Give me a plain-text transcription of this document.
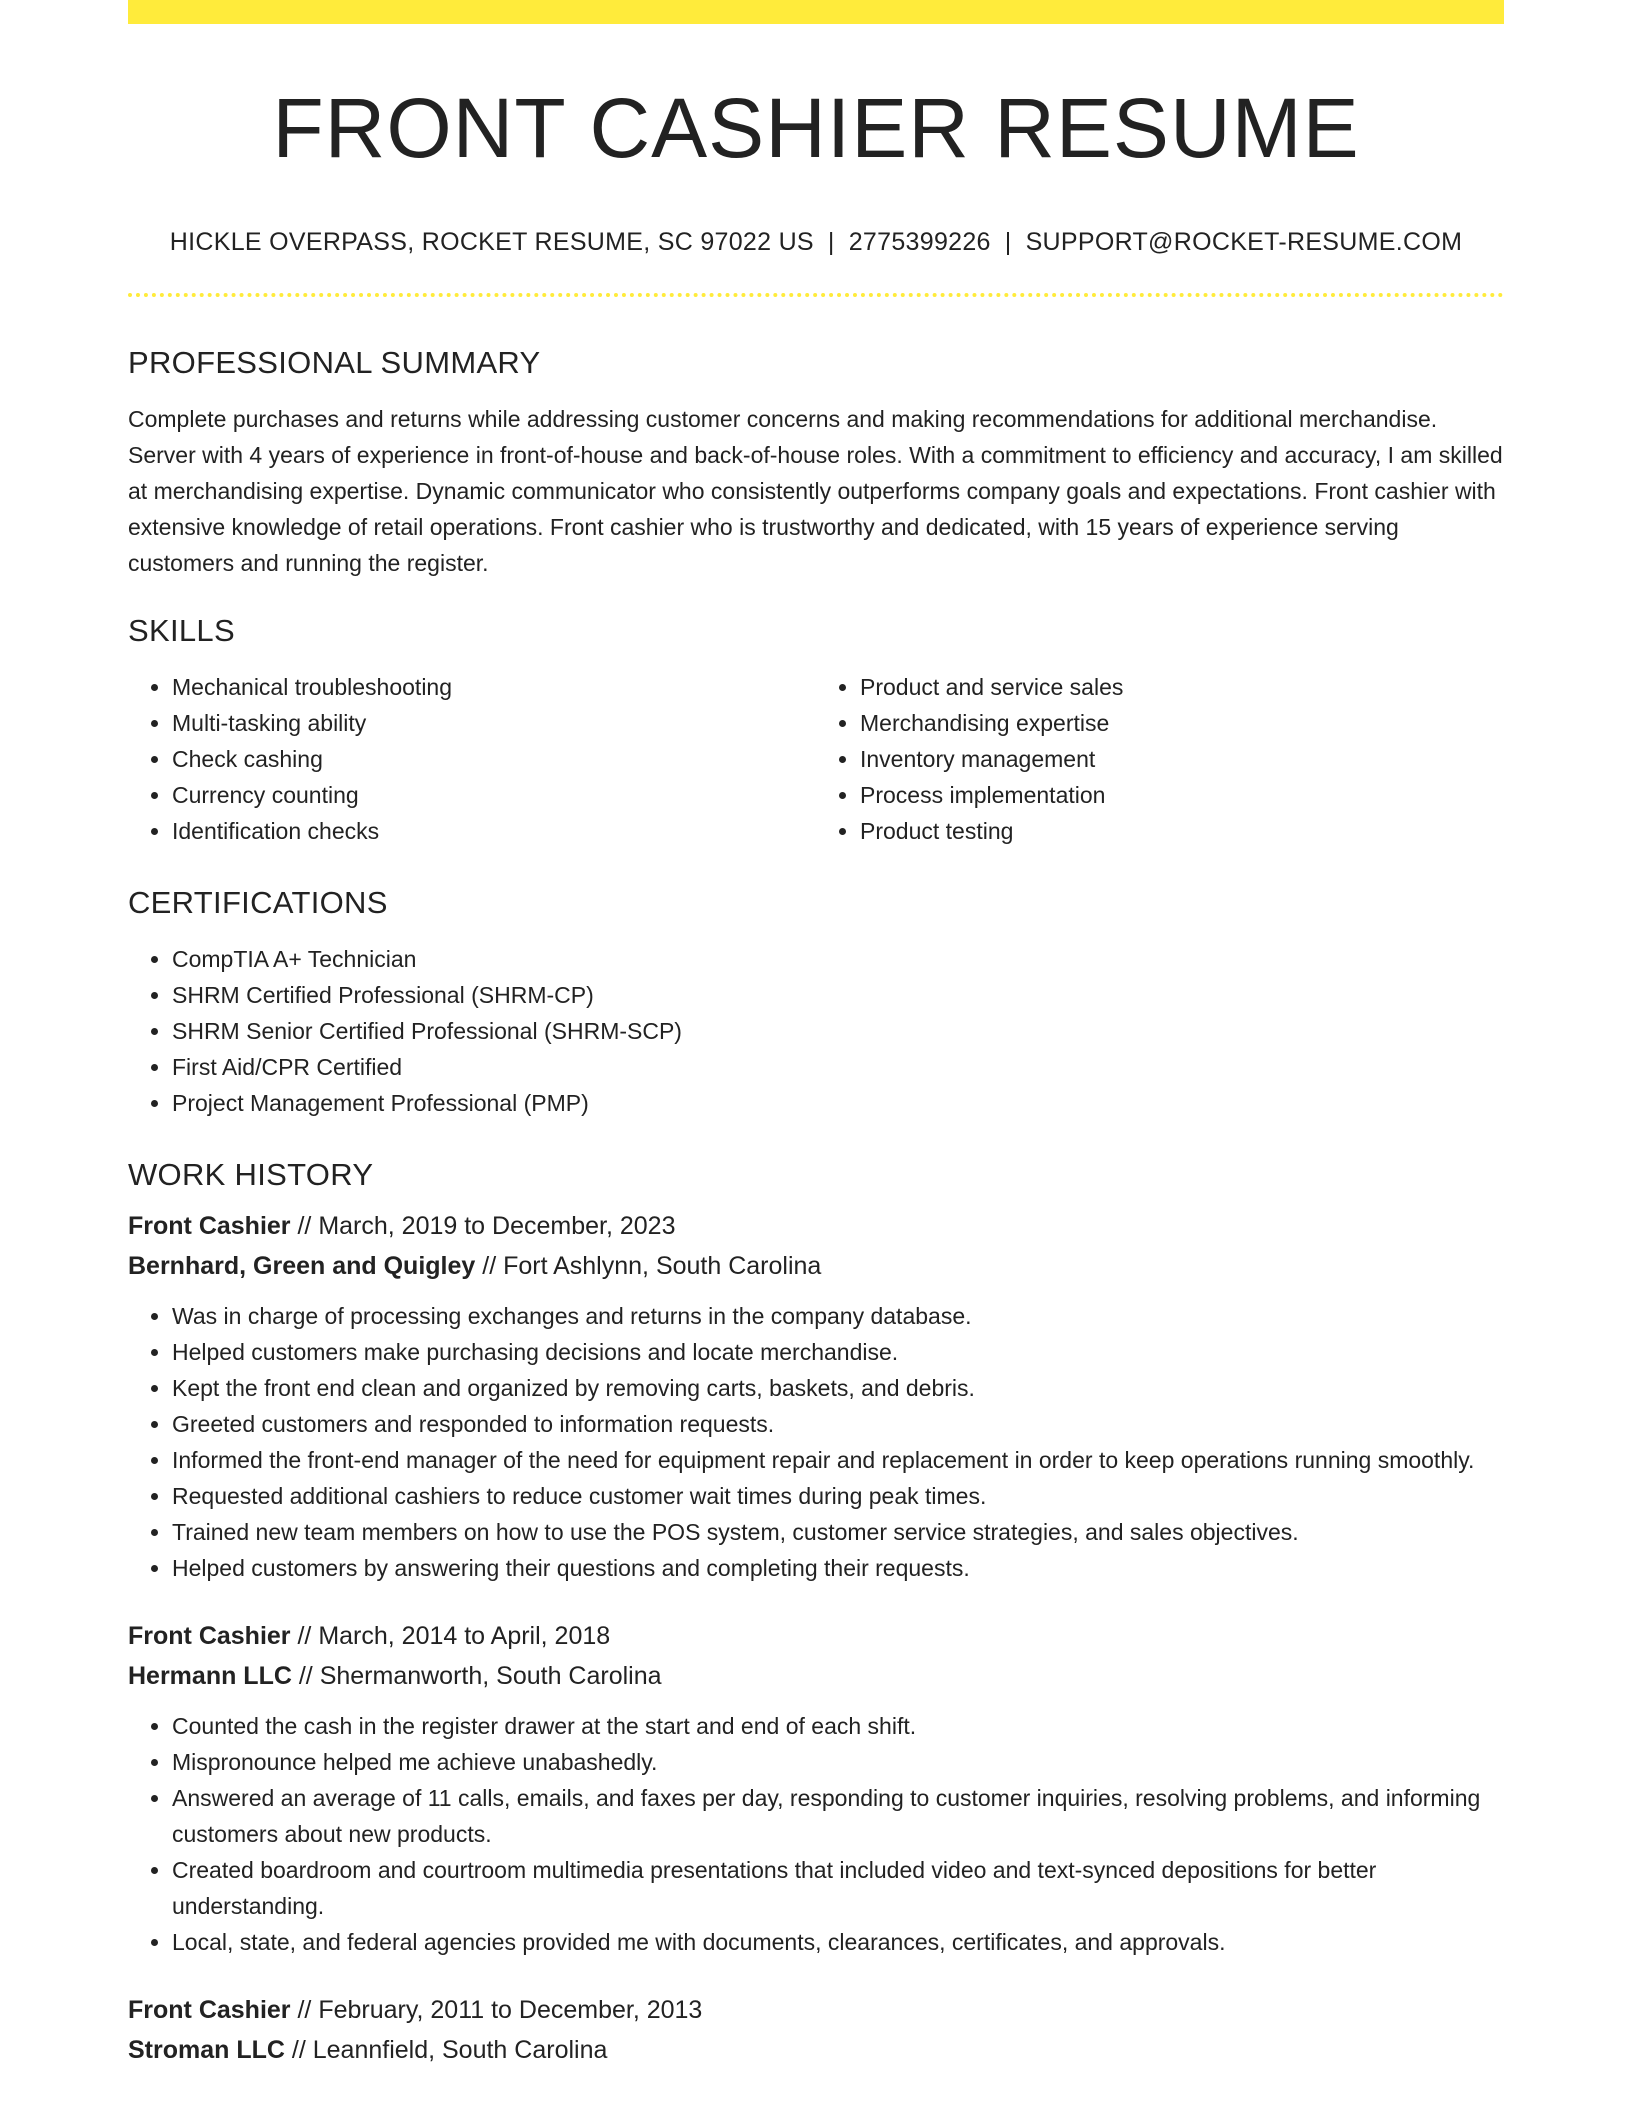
FRONT CASHIER RESUME
HICKLE OVERPASS, ROCKET RESUME, SC 97022 US | 2775399226 | SUPPORT@ROCKET-RESUME.COM
PROFESSIONAL SUMMARY

Complete purchases and returns while addressing customer concerns and making recommendations for additional merchandise. Server with 4 years of experience in front-of-house and back-of-house roles. With a commitment to efficiency and accuracy, I am skilled at merchandising expertise. Dynamic communicator who consistently outperforms company goals and expectations. Front cashier with extensive knowledge of retail operations. Front cashier who is trustworthy and dedicated, with 15 years of experience serving customers and running the register.

SKILLS
• Mechanical troubleshooting
• Multi-tasking ability
• Check cashing
• Currency counting
• Identification checks
• Product and service sales
• Merchandising expertise
• Inventory management
• Process implementation
• Product testing
CERTIFICATIONS
• CompTIA A+ Technician
• SHRM Certified Professional (SHRM-CP)
• SHRM Senior Certified Professional (SHRM-SCP)
• First Aid/CPR Certified
• Project Management Professional (PMP)
WORK HISTORY
Front Cashier // March, 2019 to December, 2023
Bernhard, Green and Quigley // Fort Ashlynn, South Carolina
• Was in charge of processing exchanges and returns in the company database.
• Helped customers make purchasing decisions and locate merchandise.
• Kept the front end clean and organized by removing carts, baskets, and debris.
• Greeted customers and responded to information requests.
• Informed the front-end manager of the need for equipment repair and replacement in order to keep operations running smoothly.
• Requested additional cashiers to reduce customer wait times during peak times.
• Trained new team members on how to use the POS system, customer service strategies, and sales objectives.
• Helped customers by answering their questions and completing their requests.
Front Cashier // March, 2014 to April, 2018
Hermann LLC // Shermanworth, South Carolina
• Counted the cash in the register drawer at the start and end of each shift.
• Mispronounce helped me achieve unabashedly.
• Answered an average of 11 calls, emails, and faxes per day, responding to customer inquiries, resolving problems, and informing customers about new products.
• Created boardroom and courtroom multimedia presentations that included video and text-synced depositions for better understanding.
• Local, state, and federal agencies provided me with documents, clearances, certificates, and approvals.
Front Cashier // February, 2011 to December, 2013
Stroman LLC // Leannfield, South Carolina
